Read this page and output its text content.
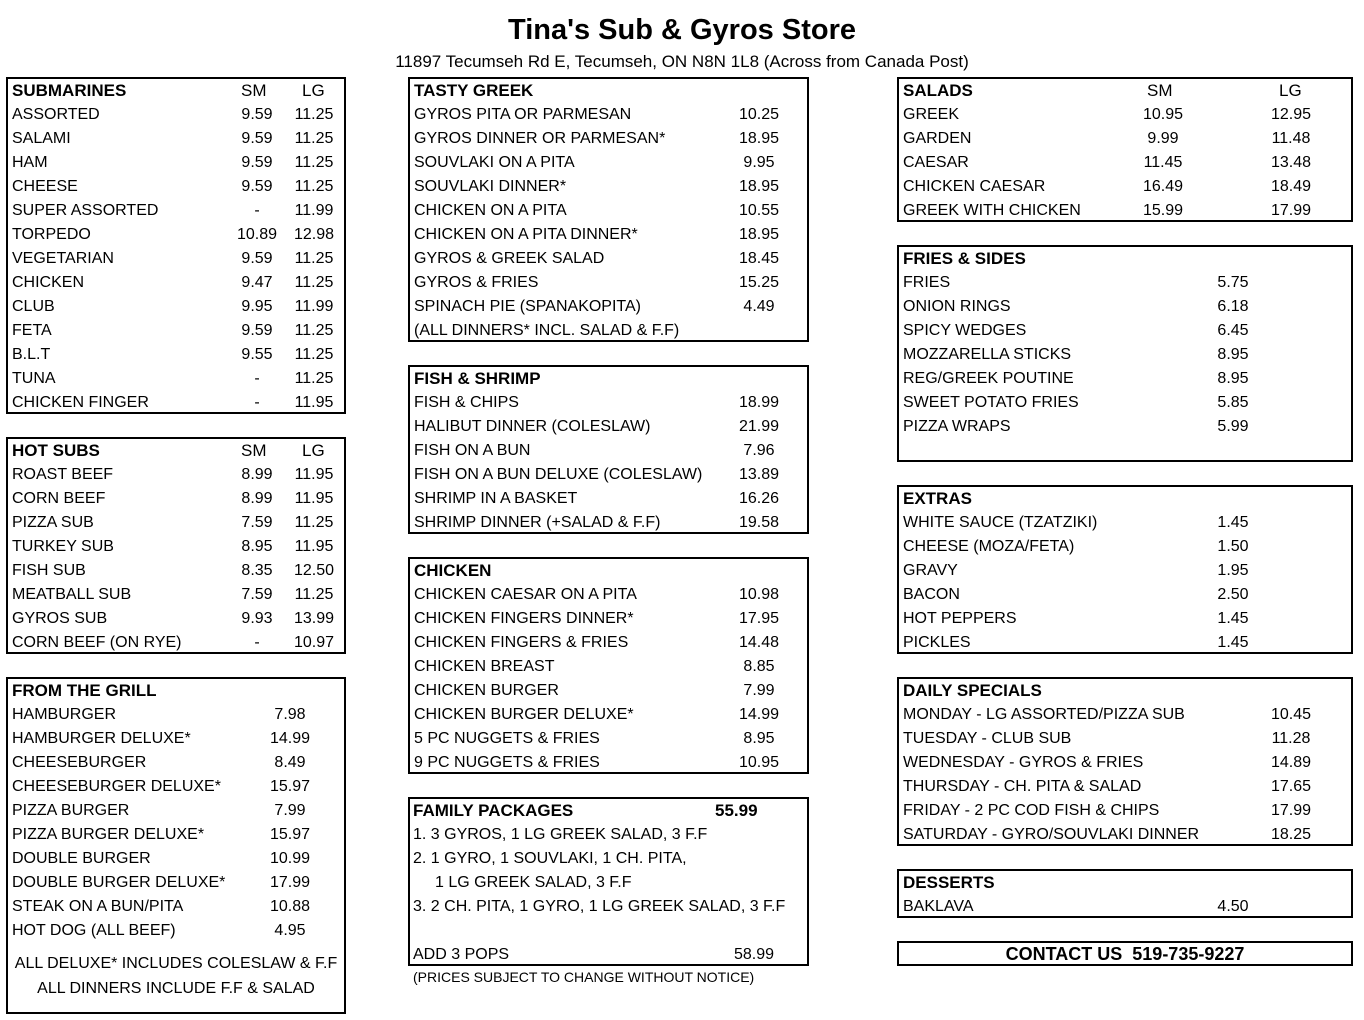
Tina's Sub & Gyros Store
11897 Tecumseh Rd E, Tecumseh, ON N8N 1L8 (Across from Canada Post)
SUBMARINES	SM LG
ASSORTED	9.59	11.25
SALAMI	9.59	11.25
HAM	9.59	11.25
CHEESE	9.59	11.25
SUPER ASSORTED	-	11.99
TORPEDO	10.89 12.98
VEGETARIAN	9.59	11.25
CHICKEN	9.47	11.25
CLUB	9.95	11.99
FETA	9.59	11.25
B.L.T	9.55	11.25
TUNA	-	11.25
CHICKEN FINGER	-	11.95
HOT SUBS	SM LG
ROAST BEEF	8.99	11.95
CORN BEEF	8.99	11.95
PIZZA SUB	7.59	11.25
TURKEY SUB	8.95	11.95
FISH SUB	8.35	12.50
MEATBALL SUB	7.59	11.25
GYROS SUB	9.93	13.99
CORN BEEF (ON RYE)	-	10.97
ALL DELUXE* INCLUDES COLESLAW & F.F
ALL DINNERS INCLUDE F.F & SALAD
FROM THE GRILL
HAMBURGER	7.98
HAMBURGER DELUXE*	14.99
CHEESEBURGER	8.49
CHEESEBURGER DELUXE*	15.97
PIZZA BURGER	7.99
PIZZA BURGER DELUXE*	15.97
DOUBLE BURGER	10.99
DOUBLE BURGER DELUXE*	17.99
STEAK ON A BUN/PITA	10.88
HOT DOG (ALL BEEF)	4.95
TASTY GREEK
GYROS PITA OR PARMESAN	10.25
GYROS DINNER OR PARMESAN*	18.95
SOUVLAKI ON A PITA	9.95
SOUVLAKI DINNER*	18.95
CHICKEN ON A PITA	10.55
CHICKEN ON A PITA DINNER*	18.95
GYROS & GREEK SALAD	18.45
GYROS & FRIES	15.25
SPINACH PIE (SPANAKOPITA)	4.49
(ALL DINNERS* INCL. SALAD & F.F)
FISH & SHRIMP
FISH & CHIPS	18.99
HALIBUT DINNER (COLESLAW)	21.99
FISH ON A BUN	7.96
FISH ON A BUN DELUXE (COLESLAW) 13.89
SHRIMP IN A BASKET	16.26
SHRIMP DINNER (+SALAD & F.F)	19.58
CHICKEN
CHICKEN CAESAR ON A PITA	10.98
CHICKEN FINGERS DINNER*	17.95
CHICKEN FINGERS & FRIES	14.48
CHICKEN BREAST	8.85
CHICKEN BURGER	7.99
CHICKEN BURGER DELUXE*	14.99
5 PC NUGGETS & FRIES	8.95
9 PC NUGGETS & FRIES	10.95
FAMILY PACKAGES	55.99
1. 3 GYROS, 1 LG GREEK SALAD, 3 F.F
2. 1 GYRO, 1 SOUVLAKI, 1 CH. PITA,
1 LG GREEK SALAD, 3 F.F
3. 2 CH. PITA, 1 GYRO, 1 LG GREEK SALAD, 3 F.F
ADD 3 POPS	58.99
(PRICES SUBJECT TO CHANGE WITHOUT NOTICE)
SALADS	SM	LG
GREEK	10.95	12.95
GARDEN	9.99	11.48
CAESAR	11.45	13.48
CHICKEN CAESAR	16.49	18.49
GREEK WITH CHICKEN	15.99	17.99
FRIES & SIDES
FRIES	5.75
ONION RINGS	6.18
SPICY WEDGES	6.45
MOZZARELLA STICKS	8.95
REG/GREEK POUTINE	8.95
SWEET POTATO FRIES	5.85
PIZZA WRAPS	5.99
EXTRAS
WHITE SAUCE (TZATZIKI)	1.45
CHEESE (MOZA/FETA)	1.50
GRAVY	1.95
BACON	2.50
HOT PEPPERS	1.45
PICKLES	1.45
DAILY SPECIALS
MONDAY - LG ASSORTED/PIZZA SUB	10.45
TUESDAY - CLUB SUB	11.28
WEDNESDAY - GYROS & FRIES	14.89
THURSDAY - CH. PITA & SALAD	17.65
FRIDAY - 2 PC COD FISH & CHIPS	17.99
SATURDAY - GYRO/SOUVLAKI DINNER	18.25
DESSERTS
BAKLAVA	4.50
CONTACT US 519-735-9227
